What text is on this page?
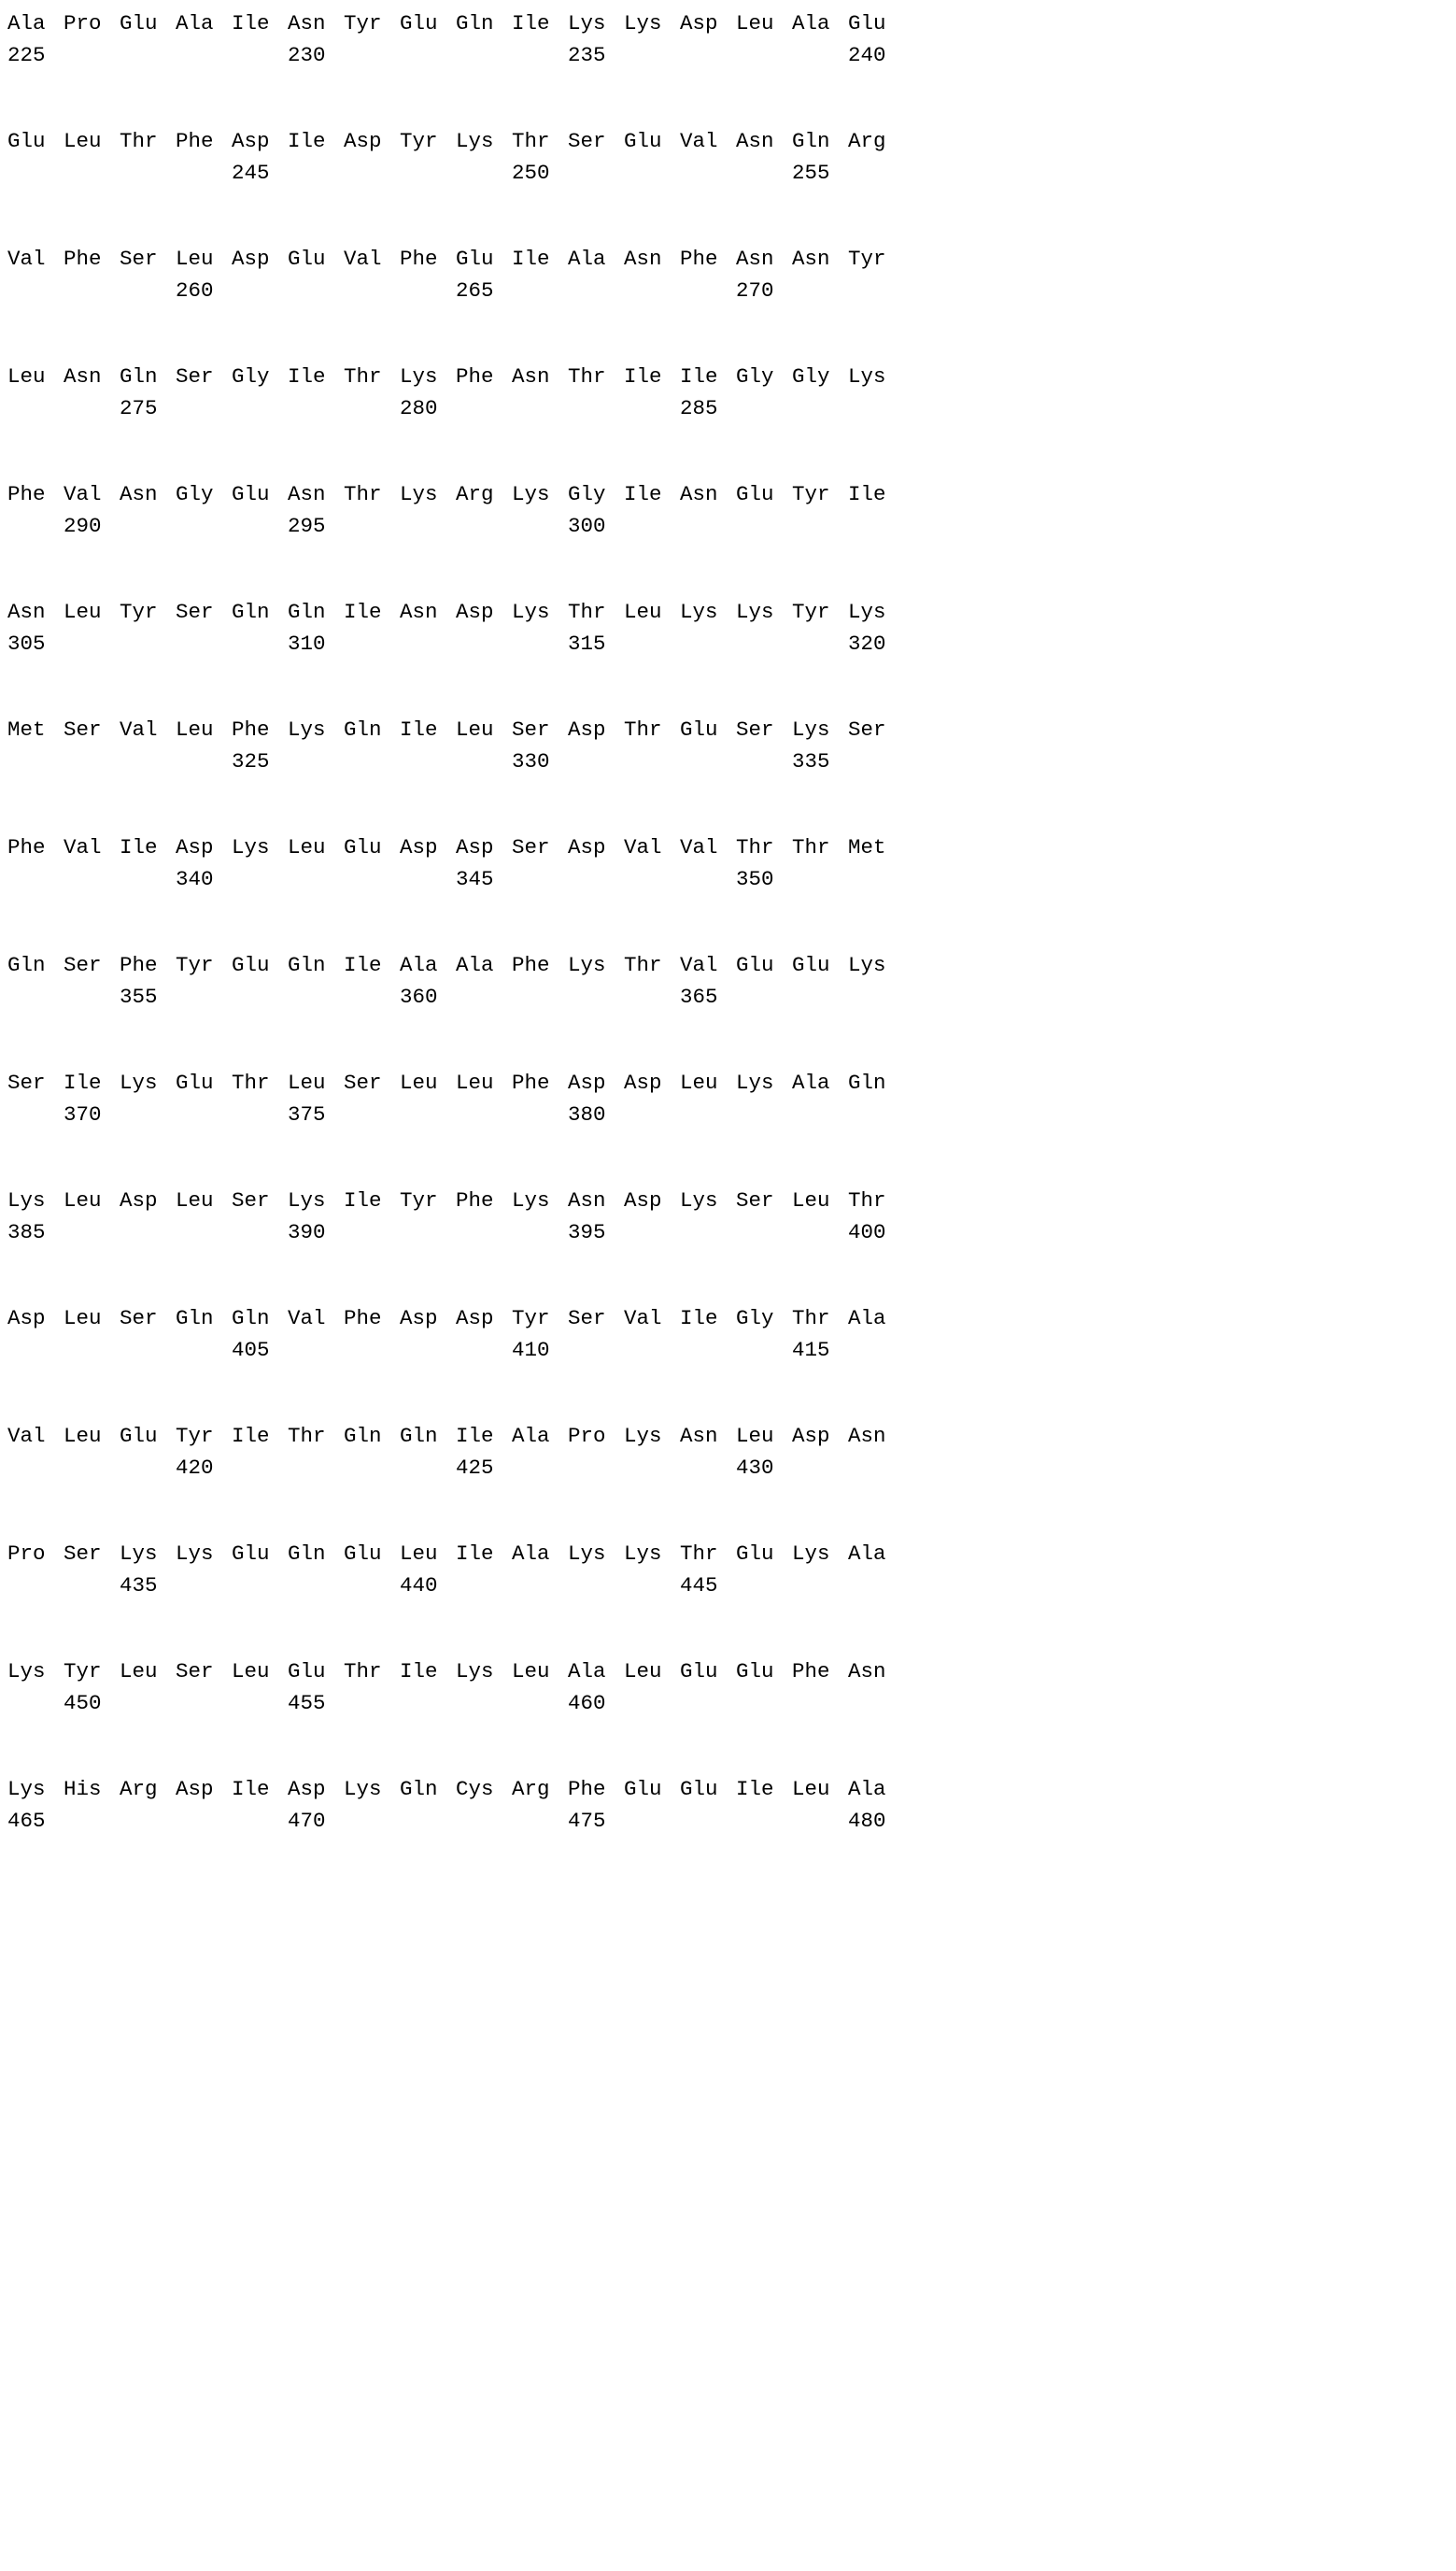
Ala Pro Glu Ala Ile Asn Tyr Glu Gln Ile Lys Lys Asp Leu Ala Glu
225	230	235	240
Glu Leu Thr Phe Asp Ile Asp Tyr Lys Thr Ser Glu Val Asn Gln Arg
245	250	255
Val Phe Ser Leu Asp Glu Val Phe Glu Ile Ala Asn Phe Asn Asn Tyr
260	265	270
Leu Asn Gln Ser Gly Ile Thr Lys Phe Asn Thr Ile Ile Gly Gly Lys
275	280	285
Phe Val Asn Gly Glu Asn Thr Lys Arg Lys Gly Ile Asn Glu Tyr Ile
290	295	300
Asn Leu Tyr Ser Gln Gln Ile Asn Asp Lys Thr Leu Lys Lys Tyr Lys
305	310	315	320
Met Ser Val Leu Phe Lys Gln Ile Leu Ser Asp Thr Glu Ser Lys Ser
325	330	335
Phe Val Ile Asp Lys Leu Glu Asp Asp Ser Asp Val Val Thr Thr Met
340	345	350
Gln Ser Phe Tyr Glu Gln Ile Ala Ala Phe Lys Thr Val Glu Glu Lys
355	360	365
Ser Ile Lys Glu Thr Leu Ser Leu Leu Phe Asp Asp Leu Lys Ala Gln
370	375	380
Lys Leu Asp Leu Ser Lys Ile Tyr Phe Lys Asn Asp Lys Ser Leu Thr
385	390	395	400
Asp Leu Ser Gln Gln Val Phe Asp Asp Tyr Ser Val Ile Gly Thr Ala
405	410	415
Val Leu Glu Tyr Ile Thr Gln Gln Ile Ala Pro Lys Asn Leu Asp Asn
420	425	430
Pro Ser Lys Lys Glu Gln Glu Leu Ile Ala Lys Lys Thr Glu Lys Ala
435	440	445
Lys Tyr Leu Ser Leu Glu Thr Ile Lys Leu Ala Leu Glu Glu Phe Asn
450	455	460
Lys His Arg Asp Ile Asp Lys Gln Cys Arg Phe Glu Glu Ile Leu Ala
465	470	475	480
